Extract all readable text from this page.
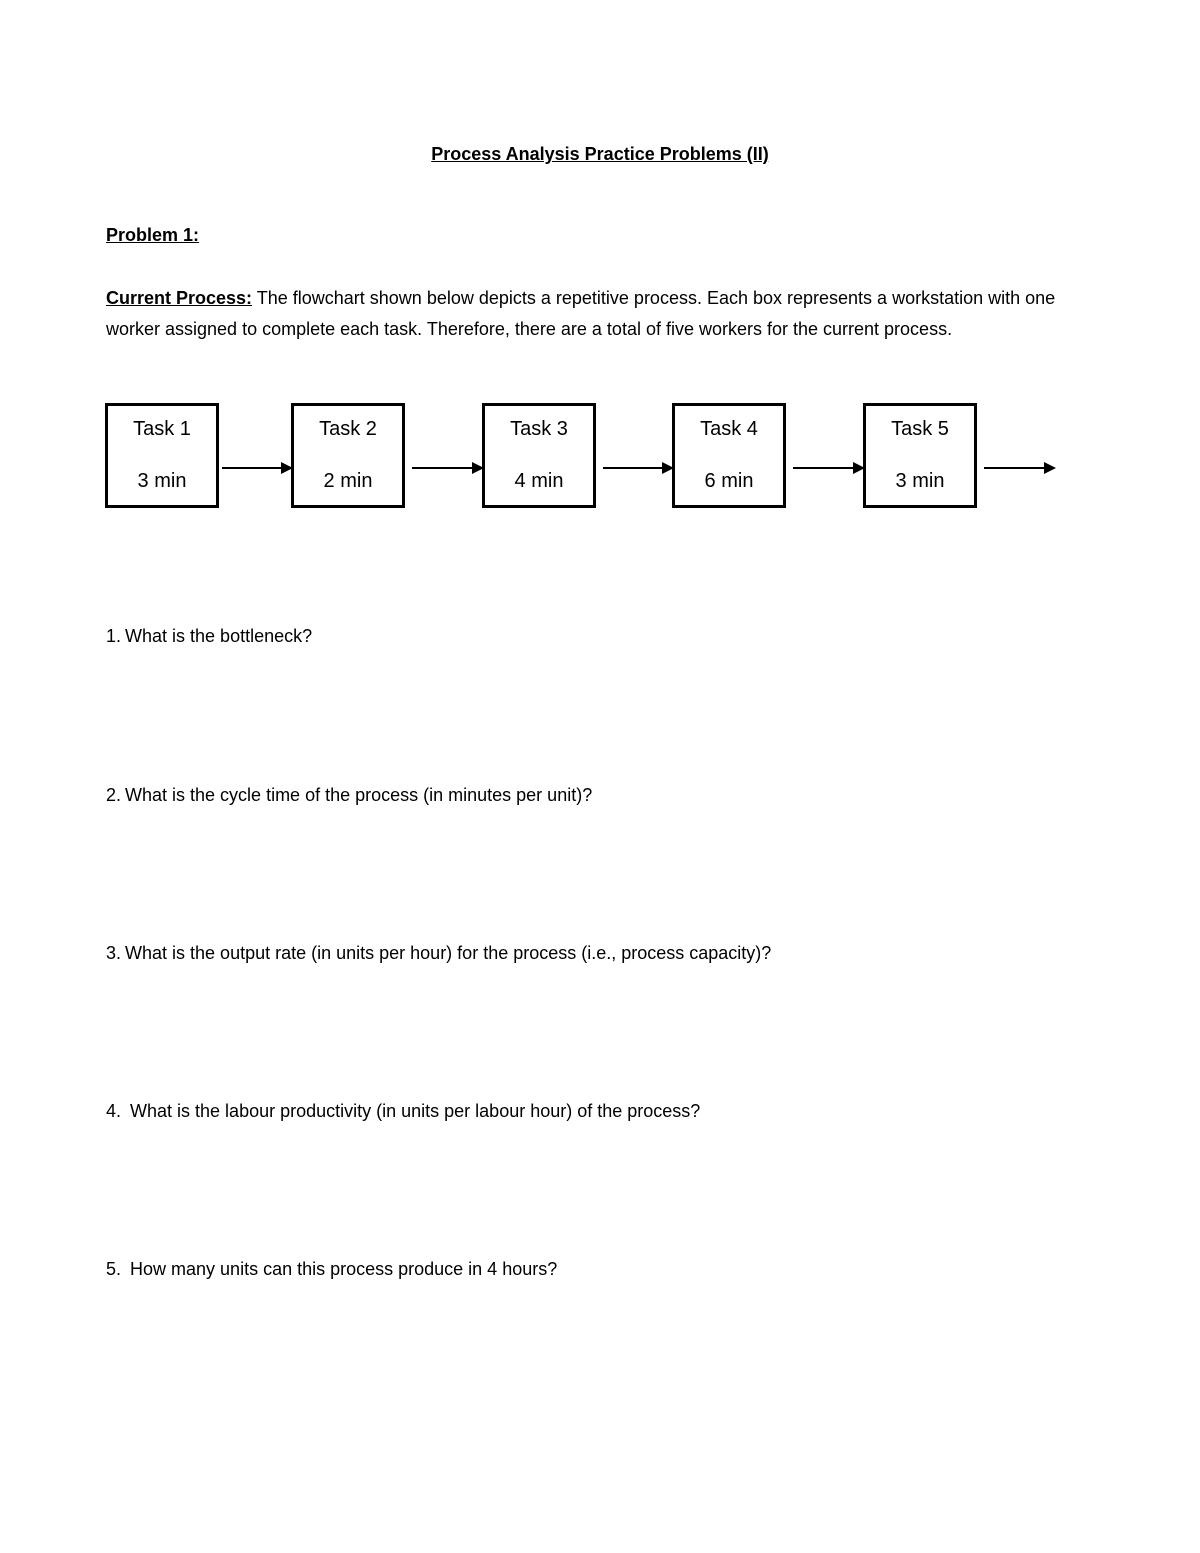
Process Analysis Practice Problems (II)
Problem 1:
Current Process: The flowchart shown below depicts a repetitive process. Each box represents a workstation with one worker assigned to complete each task. Therefore, there are a total of five workers for the current process.
Task 1
3 min
Task 2
2 min
Task 3
4 min
Task 4
6 min
Task 5
3 min
1. What is the bottleneck?
2. What is the cycle time of the process (in minutes per unit)?
3. What is the output rate (in units per hour) for the process (i.e., process capacity)?
4. What is the labour productivity (in units per labour hour) of the process?
5. How many units can this process produce in 4 hours?
